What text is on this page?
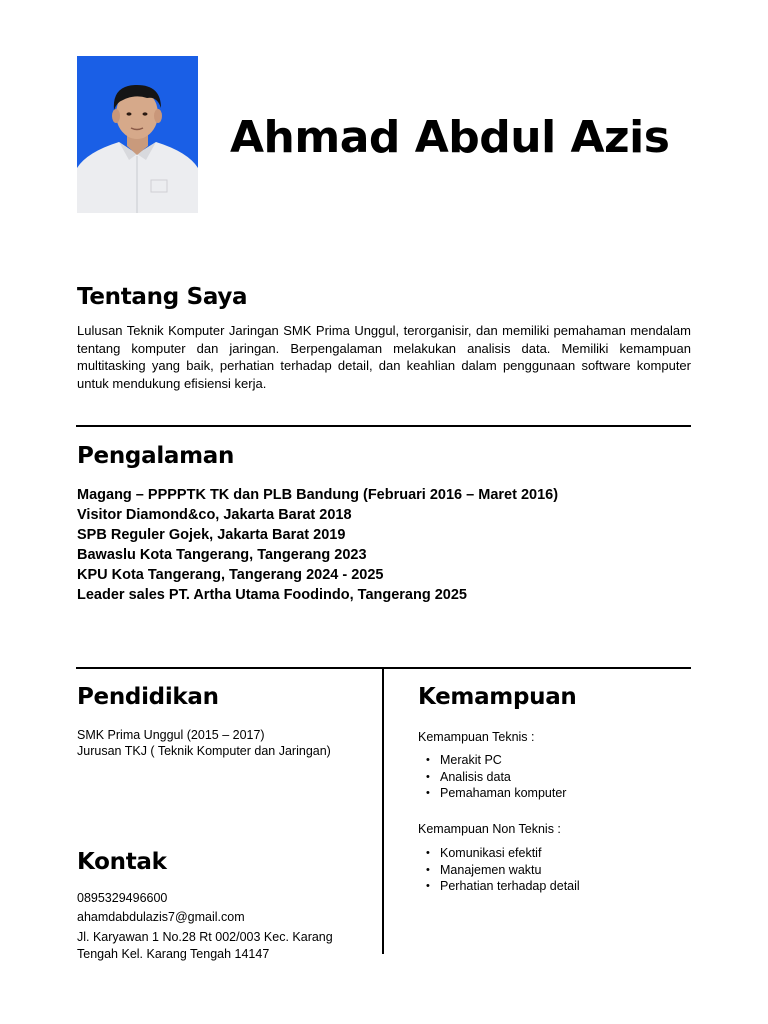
Ahmad Abdul Azis
Tentang Saya

Lulusan Teknik Komputer Jaringan SMK Prima Unggul, terorganisir, dan memiliki pemahaman mendalam tentang komputer dan jaringan. Berpengalaman melakukan analisis data. Memiliki kemampuan multitasking yang baik, perhatian terhadap detail, dan keahlian dalam penggunaan software komputer untuk mendukung efisiensi kerja.

Pengalaman
Magang – PPPPTK TK dan PLB Bandung (Februari 2016 – Maret 2016)
Visitor Diamond&co, Jakarta Barat 2018
SPB Reguler Gojek, Jakarta Barat 2019
Bawaslu Kota Tangerang, Tangerang 2023
KPU Kota Tangerang, Tangerang 2024 - 2025
Leader sales PT. Artha Utama Foodindo, Tangerang 2025
Pendidikan

SMK Prima Unggul (2015 – 2017)

Jurusan TKJ ( Teknik Komputer dan Jaringan)

Kontak

0895329496600

ahamdabdulazis7@gmail.com

Jl. Karyawan 1 No.28 Rt 002/003 Kec. Karang

Tengah Kel. Karang Tengah 14147

Kemampuan

Kemampuan Teknis :

• Merakit PC
• Analisis data
• Pemahaman komputer

Kemampuan Non Teknis :

• Komunikasi efektif
• Manajemen waktu
• Perhatian terhadap detail
